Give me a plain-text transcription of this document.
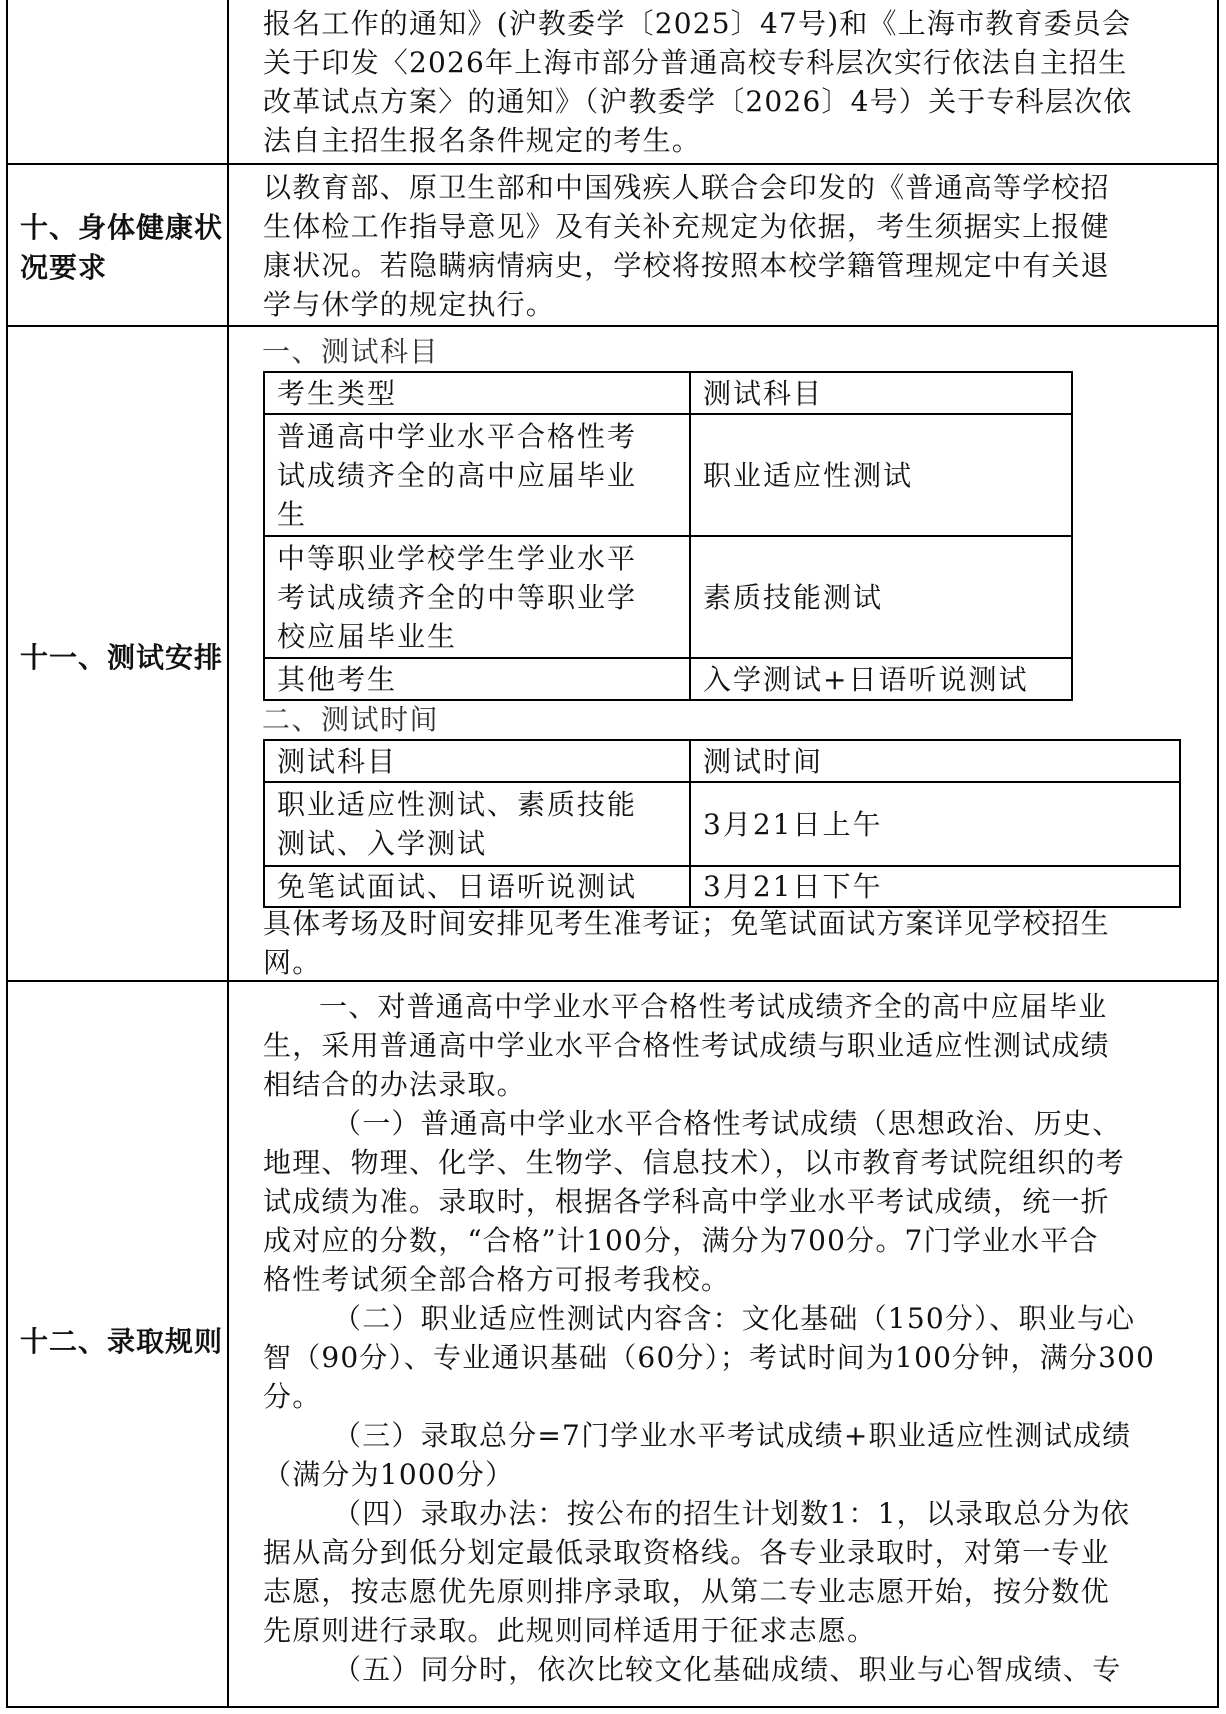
报名工作的通知》(沪教委学〔2025〕47号)和《上海市教育委员会
关于印发〈2026年上海市部分普通高校专科层次实行依法自主招生
改革试点方案〉的通知》（沪教委学〔2026〕4号）关于专科层次依
法自主招生报名条件规定的考生。
十、身体健康状
况要求
以教育部、原卫生部和中国残疾人联合会印发的《普通高等学校招
生体检工作指导意见》及有关补充规定为依据，考生须据实上报健
康状况。若隐瞒病情病史，学校将按照本校学籍管理规定中有关退
学与休学的规定执行。
十一、测试安排
一、测试科目
考生类型	测试科目

普通高中学业水平合格性考
试成绩齐全的高中应届毕业
生	职业适应性测试

中等职业学校学生学业水平
考试成绩齐全的中等职业学
校应届毕业生	素质技能测试
其他考生	入学测试+日语听说测试
二、测试时间
测试科目	测试时间

职业适应性测试、素质技能
测试、入学测试	3月21日上午
免笔试面试、日语听说测试	3月21日下午
具体考场及时间安排见考生准考证；免笔试面试方案详见学校招生
网。
十二、录取规则
一、对普通高中学业水平合格性考试成绩齐全的高中应届毕业
生，采用普通高中学业水平合格性考试成绩与职业适应性测试成绩
相结合的办法录取。
（一）普通高中学业水平合格性考试成绩（思想政治、历史、
地理、物理、化学、生物学、信息技术），以市教育考试院组织的考
试成绩为准。录取时，根据各学科高中学业水平考试成绩，统一折
成对应的分数，“合格”计100分，满分为700分。7门学业水平合
格性考试须全部合格方可报考我校。
（二）职业适应性测试内容含：文化基础（150分）、职业与心
智（90分）、专业通识基础（60分）；考试时间为100分钟，满分300
分。
（三）录取总分=7门学业水平考试成绩+职业适应性测试成绩
（满分为1000分）
（四）录取办法：按公布的招生计划数1：1，以录取总分为依
据从高分到低分划定最低录取资格线。各专业录取时，对第一专业
志愿，按志愿优先原则排序录取，从第二专业志愿开始，按分数优
先原则进行录取。此规则同样适用于征求志愿。
（五）同分时，依次比较文化基础成绩、职业与心智成绩、专
